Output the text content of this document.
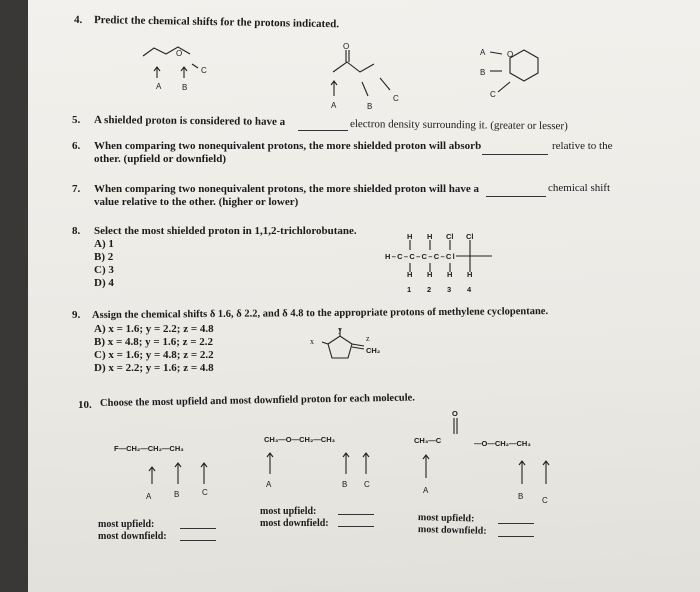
4. Predict the chemical shifts for the protons indicated.
A	B
C
O
O
A	B
C
O
A
B
C
5. A shielded proton is considered to have a	electron density surrounding it. (greater or lesser)
6. When comparing two nonequivalent protons, the more shielded proton will absorb	relative to the
other. (upfield or downfield)
7. When comparing two nonequivalent protons, the more shielded proton will have a	chemical shift
value relative to the other. (higher or lower)
8. Select the most shielded proton in 1,1,2-trichlorobutane.
A) 1
B) 2
C) 3
D) 4
H H Cl Cl
H–C–C–C–C–Cl
H H H H
1 2 3 4
9. Assign the chemical shifts δ 1.6, δ 2.2, and δ 4.8 to the appropriate protons of methylene cyclopentane.
A) x = 1.6; y = 2.2; z = 4.8
B) x = 4.8; y = 1.6; z = 2.2
C) x = 1.6; y = 4.8; z = 2.2
D) x = 2.2; y = 1.6; z = 4.8
x
y
z
CH₂
10. Choose the most upfield and most downfield proton for each molecule.
F—CH₂—CH₂—CH₃
A	B	C
most upfield:
most downfield:
CH₃—O—CH₂—CH₃
A	B C
most upfield:
most downfield:
O
CH₃—C	—O—CH₂—CH₃
A
B C
most upfield:
most downfield:
